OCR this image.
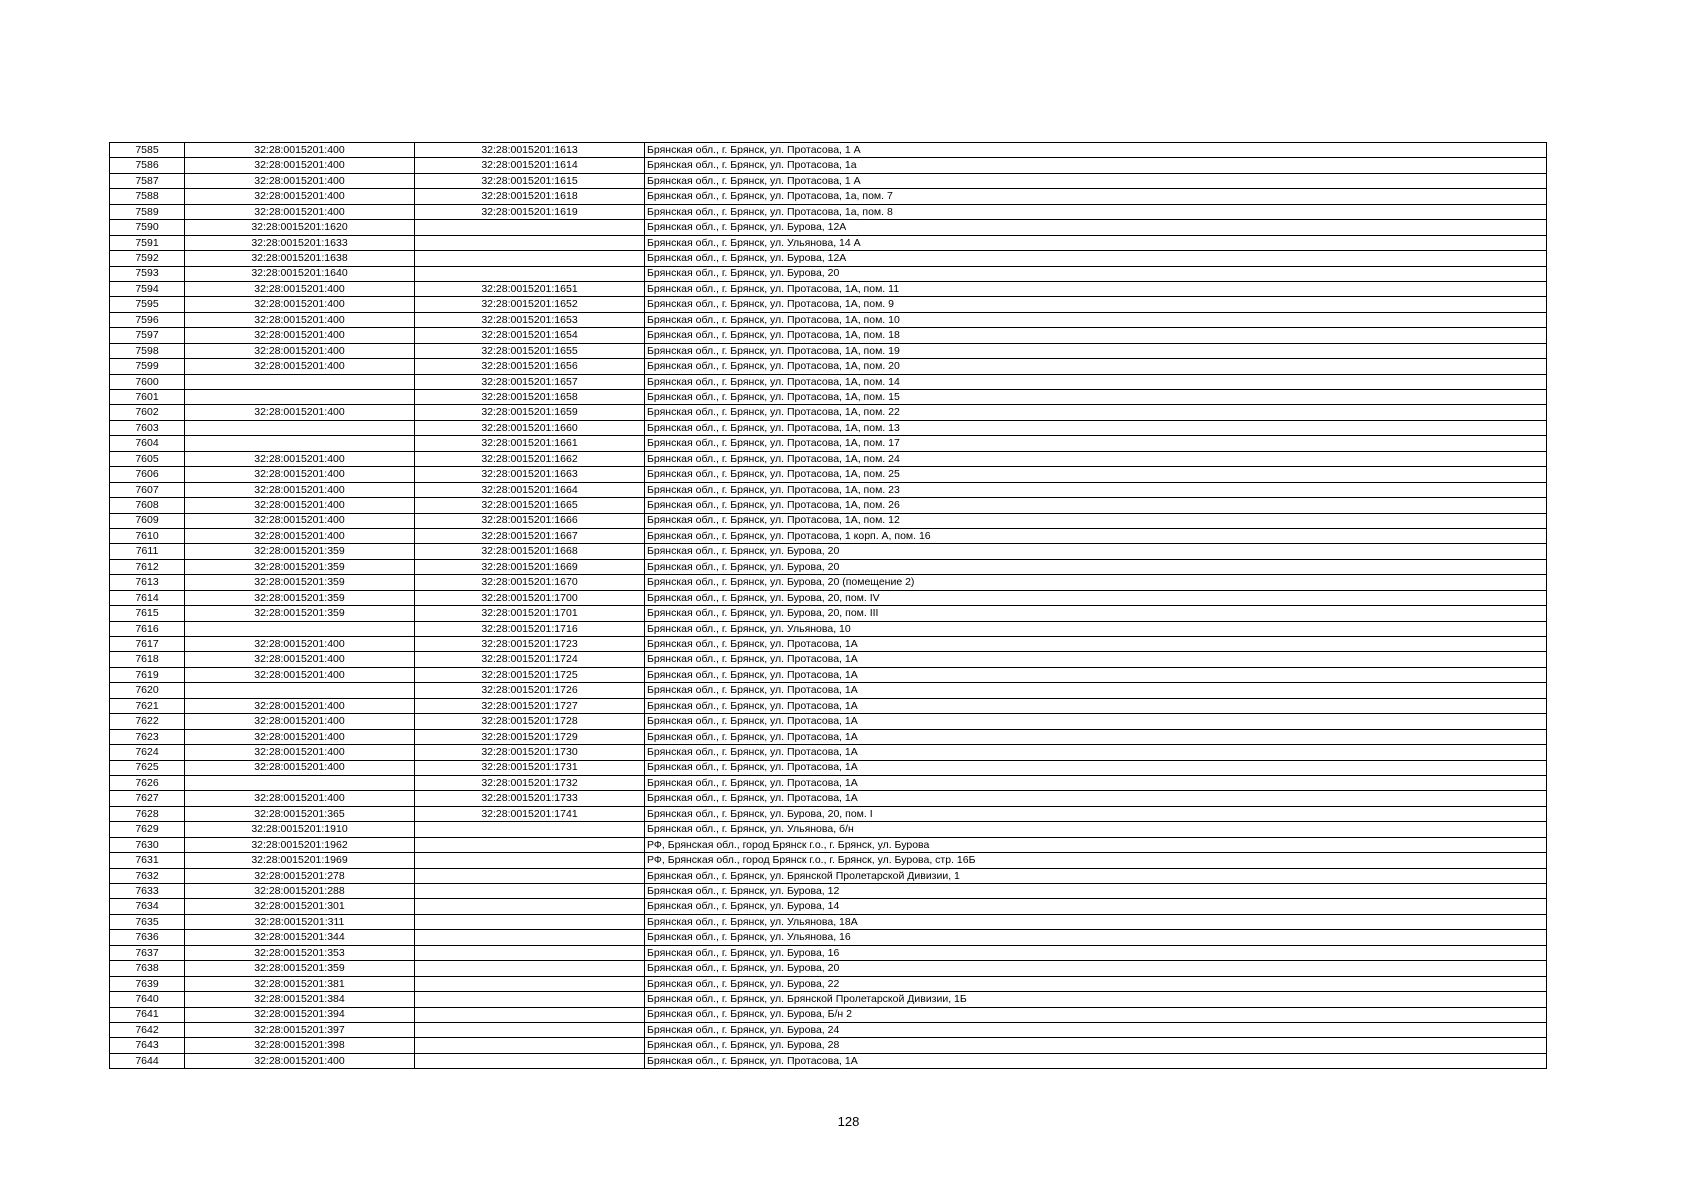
7585	32:28:0015201:400	32:28:0015201:1613	Брянская обл., г. Брянск, ул. Протасова, 1 А
7586	32:28:0015201:400	32:28:0015201:1614	Брянская обл., г. Брянск, ул. Протасова, 1а
7587	32:28:0015201:400	32:28:0015201:1615	Брянская обл., г. Брянск, ул. Протасова, 1 А
7588	32:28:0015201:400	32:28:0015201:1618	Брянская обл., г. Брянск, ул. Протасова, 1а, пом. 7
7589	32:28:0015201:400	32:28:0015201:1619	Брянская обл., г. Брянск, ул. Протасова, 1а, пом. 8
7590	32:28:0015201:1620		Брянская обл., г. Брянск, ул. Бурова, 12А
7591	32:28:0015201:1633		Брянская обл., г. Брянск, ул. Ульянова, 14 А
7592	32:28:0015201:1638		Брянская обл., г. Брянск, ул. Бурова, 12А
7593	32:28:0015201:1640		Брянская обл., г. Брянск, ул. Бурова, 20
7594	32:28:0015201:400	32:28:0015201:1651	Брянская обл., г. Брянск, ул. Протасова, 1А, пом. 11
7595	32:28:0015201:400	32:28:0015201:1652	Брянская обл., г. Брянск, ул. Протасова, 1А, пом. 9
7596	32:28:0015201:400	32:28:0015201:1653	Брянская обл., г. Брянск, ул. Протасова, 1А, пом. 10
7597	32:28:0015201:400	32:28:0015201:1654	Брянская обл., г. Брянск, ул. Протасова, 1А, пом. 18
7598	32:28:0015201:400	32:28:0015201:1655	Брянская обл., г. Брянск, ул. Протасова, 1А, пом. 19
7599	32:28:0015201:400	32:28:0015201:1656	Брянская обл., г. Брянск, ул. Протасова, 1А, пом. 20
7600		32:28:0015201:1657	Брянская обл., г. Брянск, ул. Протасова, 1А, пом. 14
7601		32:28:0015201:1658	Брянская обл., г. Брянск, ул. Протасова, 1А, пом. 15
7602	32:28:0015201:400	32:28:0015201:1659	Брянская обл., г. Брянск, ул. Протасова, 1А, пом. 22
7603		32:28:0015201:1660	Брянская обл., г. Брянск, ул. Протасова, 1А, пом. 13
7604		32:28:0015201:1661	Брянская обл., г. Брянск, ул. Протасова, 1А, пом. 17
7605	32:28:0015201:400	32:28:0015201:1662	Брянская обл., г. Брянск, ул. Протасова, 1А, пом. 24
7606	32:28:0015201:400	32:28:0015201:1663	Брянская обл., г. Брянск, ул. Протасова, 1А, пом. 25
7607	32:28:0015201:400	32:28:0015201:1664	Брянская обл., г. Брянск, ул. Протасова, 1А, пом. 23
7608	32:28:0015201:400	32:28:0015201:1665	Брянская обл., г. Брянск, ул. Протасова, 1А, пом. 26
7609	32:28:0015201:400	32:28:0015201:1666	Брянская обл., г. Брянск, ул. Протасова, 1А, пом. 12
7610	32:28:0015201:400	32:28:0015201:1667	Брянская обл., г. Брянск, ул. Протасова, 1 корп. А, пом. 16
7611	32:28:0015201:359	32:28:0015201:1668	Брянская обл., г. Брянск, ул. Бурова, 20
7612	32:28:0015201:359	32:28:0015201:1669	Брянская обл., г. Брянск, ул. Бурова, 20
7613	32:28:0015201:359	32:28:0015201:1670	Брянская обл., г. Брянск, ул. Бурова, 20 (помещение 2)
7614	32:28:0015201:359	32:28:0015201:1700	Брянская обл., г. Брянск, ул. Бурова, 20, пом. IV
7615	32:28:0015201:359	32:28:0015201:1701	Брянская обл., г. Брянск, ул. Бурова, 20, пом. III
7616		32:28:0015201:1716	Брянская обл., г. Брянск, ул. Ульянова, 10
7617	32:28:0015201:400	32:28:0015201:1723	Брянская обл., г. Брянск, ул. Протасова, 1А
7618	32:28:0015201:400	32:28:0015201:1724	Брянская обл., г. Брянск, ул. Протасова, 1А
7619	32:28:0015201:400	32:28:0015201:1725	Брянская обл., г. Брянск, ул. Протасова, 1А
7620		32:28:0015201:1726	Брянская обл., г. Брянск, ул. Протасова, 1А
7621	32:28:0015201:400	32:28:0015201:1727	Брянская обл., г. Брянск, ул. Протасова, 1А
7622	32:28:0015201:400	32:28:0015201:1728	Брянская обл., г. Брянск, ул. Протасова, 1А
7623	32:28:0015201:400	32:28:0015201:1729	Брянская обл., г. Брянск, ул. Протасова, 1А
7624	32:28:0015201:400	32:28:0015201:1730	Брянская обл., г. Брянск, ул. Протасова, 1А
7625	32:28:0015201:400	32:28:0015201:1731	Брянская обл., г. Брянск, ул. Протасова, 1А
7626		32:28:0015201:1732	Брянская обл., г. Брянск, ул. Протасова, 1А
7627	32:28:0015201:400	32:28:0015201:1733	Брянская обл., г. Брянск, ул. Протасова, 1А
7628	32:28:0015201:365	32:28:0015201:1741	Брянская обл., г. Брянск, ул. Бурова, 20, пом. I
7629	32:28:0015201:1910		Брянская обл., г. Брянск, ул. Ульянова, б/н
7630	32:28:0015201:1962		РФ, Брянская обл., город Брянск г.о., г. Брянск, ул. Бурова
7631	32:28:0015201:1969		РФ, Брянская обл., город Брянск г.о., г. Брянск, ул. Бурова, стр. 16Б
7632	32:28:0015201:278		Брянская обл., г. Брянск, ул. Брянской Пролетарской Дивизии, 1
7633	32:28:0015201:288		Брянская обл., г. Брянск, ул. Бурова, 12
7634	32:28:0015201:301		Брянская обл., г. Брянск, ул. Бурова, 14
7635	32:28:0015201:311		Брянская обл., г. Брянск, ул. Ульянова, 18А
7636	32:28:0015201:344		Брянская обл., г. Брянск, ул. Ульянова, 16
7637	32:28:0015201:353		Брянская обл., г. Брянск, ул. Бурова, 16
7638	32:28:0015201:359		Брянская обл., г. Брянск, ул. Бурова, 20
7639	32:28:0015201:381		Брянская обл., г. Брянск, ул. Бурова, 22
7640	32:28:0015201:384		Брянская обл., г. Брянск, ул. Брянской Пролетарской Дивизии, 1Б
7641	32:28:0015201:394		Брянская обл., г. Брянск, ул. Бурова, Б/н 2
7642	32:28:0015201:397		Брянская обл., г. Брянск, ул. Бурова, 24
7643	32:28:0015201:398		Брянская обл., г. Брянск, ул. Бурова, 28
7644	32:28:0015201:400		Брянская обл., г. Брянск, ул. Протасова, 1А
128
